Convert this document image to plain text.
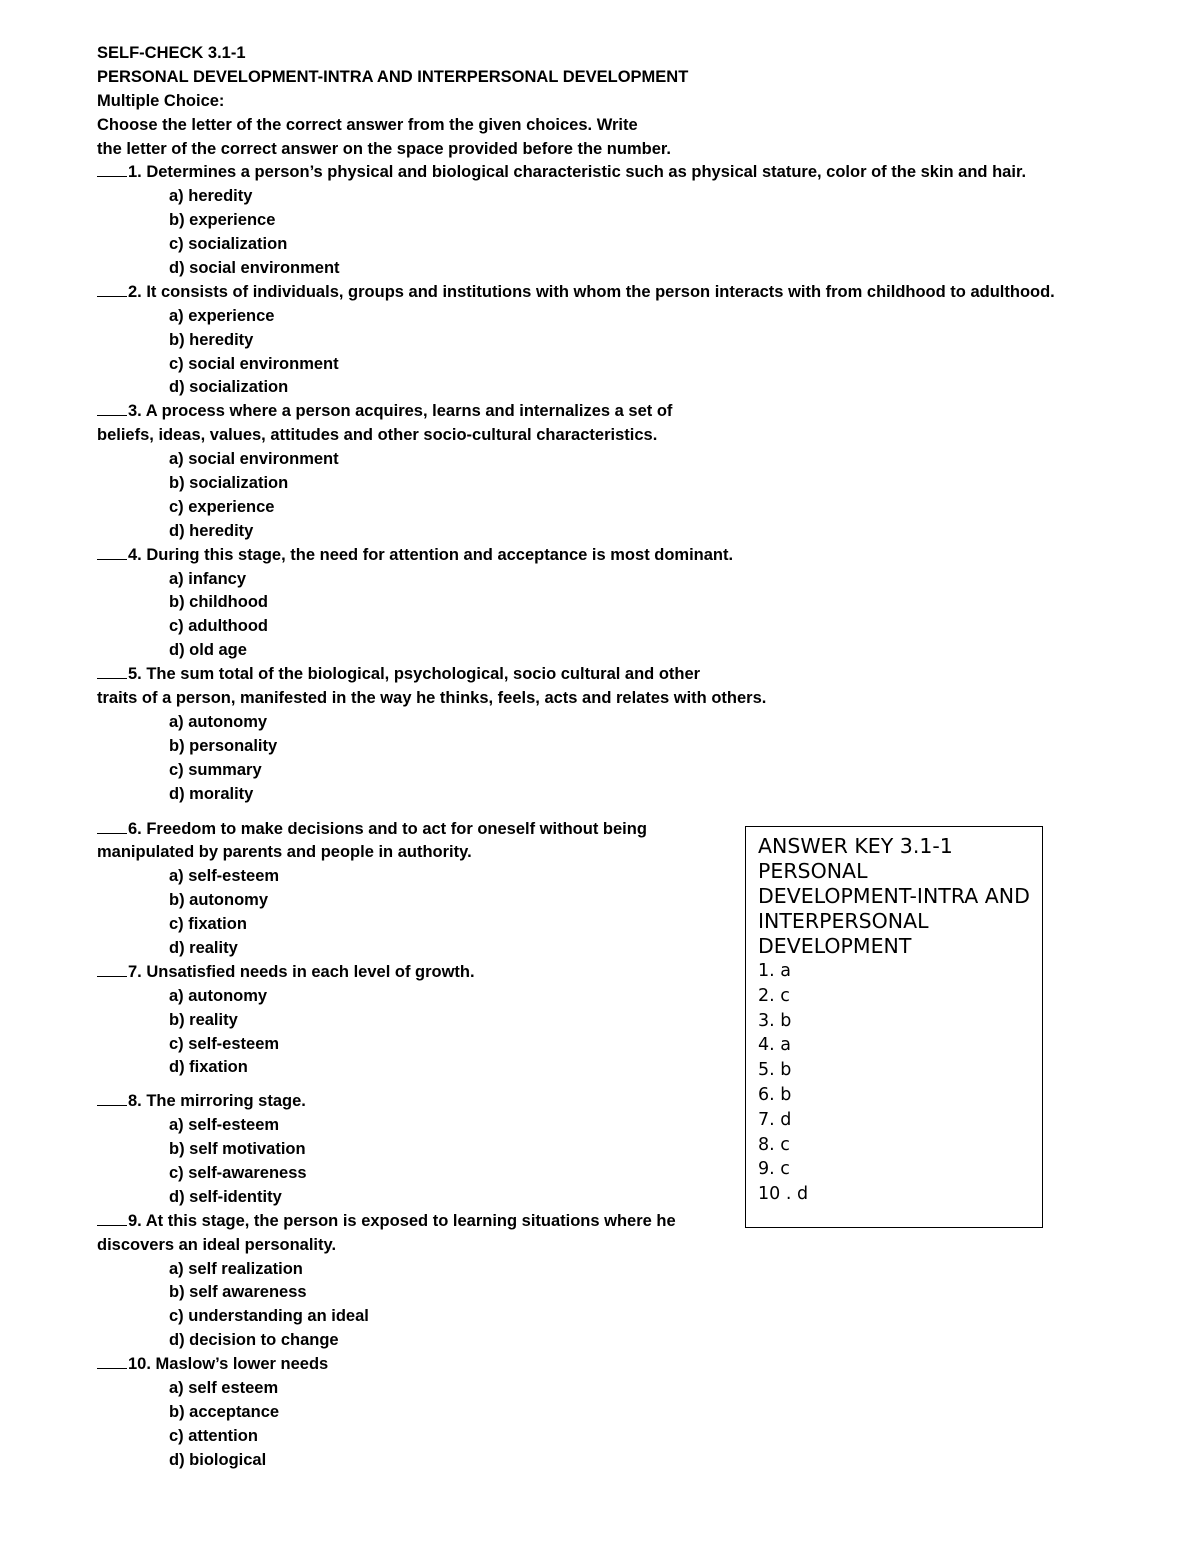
SELF-CHECK 3.1-1
PERSONAL DEVELOPMENT-INTRA AND INTERPERSONAL DEVELOPMENT
Multiple Choice:
Choose the letter of the correct answer from the given choices. Write
the letter of the correct answer on the space provided before the number.
1. Determines a person’s physical and biological characteristic such as physical stature, color of the skin and hair.
a) heredity
b) experience
c) socialization
d) social environment
2. It consists of individuals, groups and institutions with whom the person interacts with from childhood to adulthood.
a) experience
b) heredity
c) social environment
d) socialization
3. A process where a person acquires, learns and internalizes a set of
beliefs, ideas, values, attitudes and other socio-cultural characteristics.
a) social environment
b) socialization
c) experience
d) heredity
4. During this stage, the need for attention and acceptance is most dominant.
a) infancy
b) childhood
c) adulthood
d) old age
5. The sum total of the biological, psychological, socio cultural and other
traits of a person, manifested in the way he thinks, feels, acts and relates with others.
a) autonomy
b) personality
c) summary
d) morality
6. Freedom to make decisions and to act for oneself without being
manipulated by parents and people in authority.
a) self-esteem
b) autonomy
c) fixation
d) reality
7. Unsatisfied needs in each level of growth.
a) autonomy
b) reality
c) self-esteem
d) fixation
8. The mirroring stage.
a) self-esteem
b) self motivation
c) self-awareness
d) self-identity
9. At this stage, the person is exposed to learning situations where he
discovers an ideal personality.
a) self realization
b) self awareness
c) understanding an ideal
d) decision to change
10. Maslow’s lower needs
a) self esteem
b) acceptance
c) attention
d) biological
ANSWER KEY 3.1-1 PERSONAL DEVELOPMENT-INTRA AND INTERPERSONAL DEVELOPMENT
1. a
2. c
3. b
4. a
5. b
6. b
7. d
8. c
9. c
10 . d
